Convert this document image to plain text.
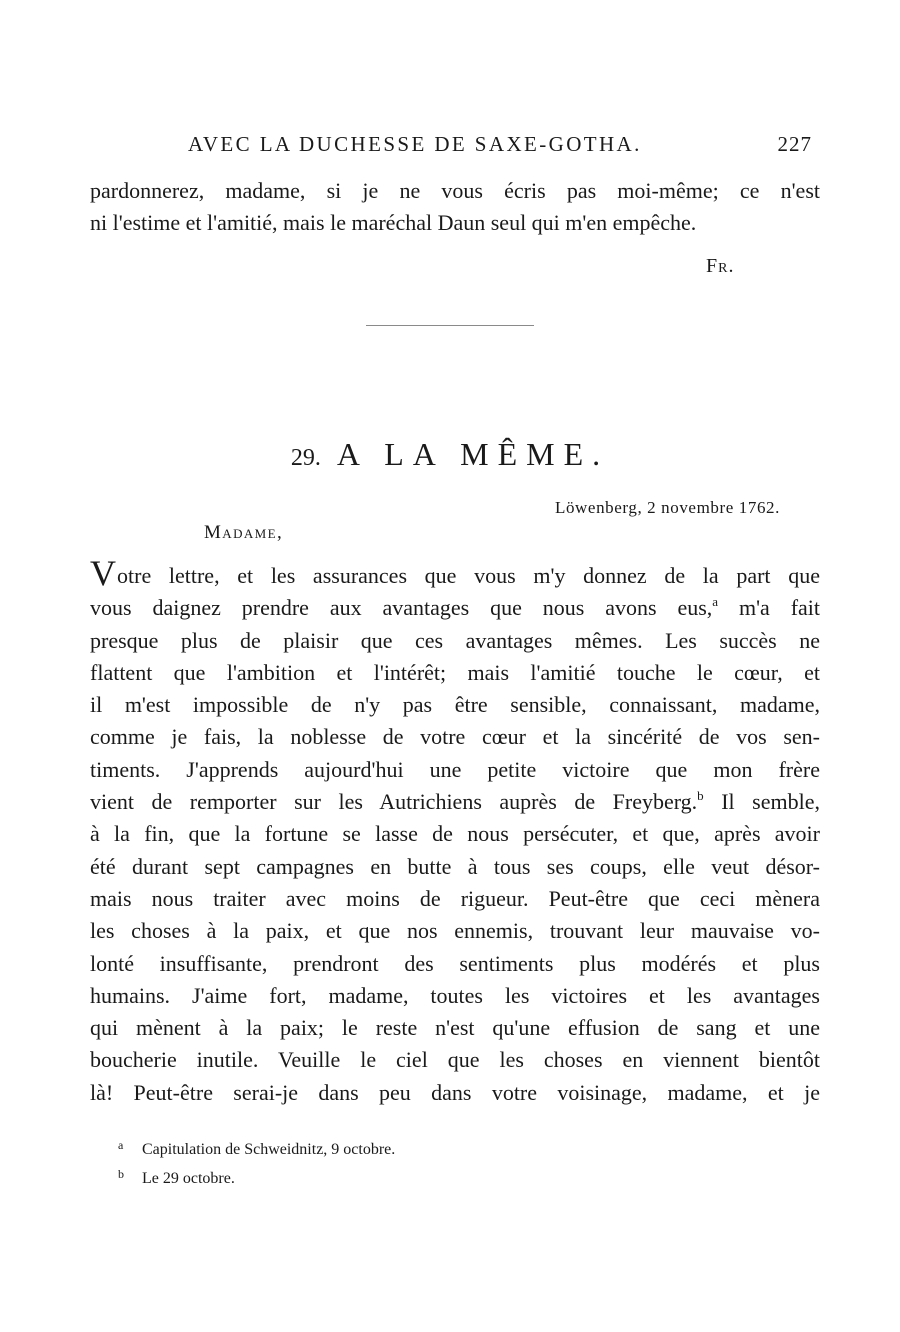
AVEC LA DUCHESSE DE SAXE-GOTHA.	227
pardonnerez, madame, si je ne vous écris pas moi-même; ce n'est
ni l'estime et l'amitié, mais le maréchal Daun seul qui m'en empêche.
Fr.
29. A LA MÊME.
Löwenberg, 2 novembre 1762.
Madame,
Votre lettre, et les assurances que vous m'y donnez de la part que
vous daignez prendre aux avantages que nous avons eus,$^a$ m'a fait
presque plus de plaisir que ces avantages mêmes. Les succès ne
flattent que l'ambition et l'intérêt; mais l'amitié touche le cœur, et
il m'est impossible de n'y pas être sensible, connaissant, madame,
comme je fais, la noblesse de votre cœur et la sincérité de vos sen-
timents. J'apprends aujourd'hui une petite victoire que mon frère
vient de remporter sur les Autrichiens auprès de Freyberg.$^b$ Il semble,
à la fin, que la fortune se lasse de nous persécuter, et que, après avoir
été durant sept campagnes en butte à tous ses coups, elle veut désor-
mais nous traiter avec moins de rigueur. Peut-être que ceci mènera
les choses à la paix, et que nos ennemis, trouvant leur mauvaise vo-
lonté insuffisante, prendront des sentiments plus modérés et plus
humains. J'aime fort, madame, toutes les victoires et les avantages
qui mènent à la paix; le reste n'est qu'une effusion de sang et une
boucherie inutile. Veuille le ciel que les choses en viennent bientôt
là! Peut-être serai-je dans peu dans votre voisinage, madame, et je
a Capitulation de Schweidnitz, 9 octobre.
b Le 29 octobre.
